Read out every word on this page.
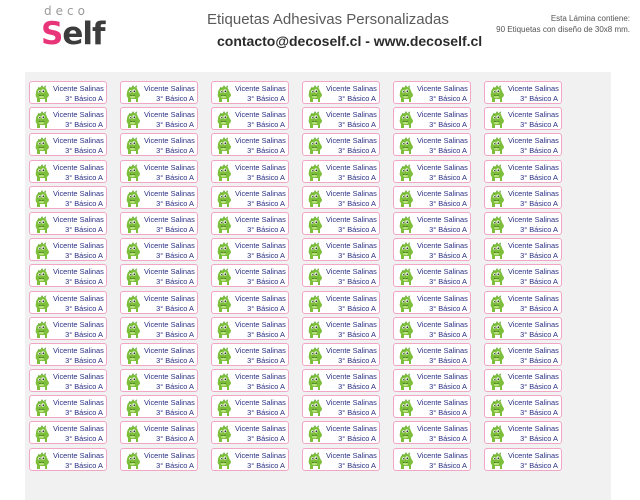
deco
Self	Etiquetas Adhesivas Personalizadas
contacto@decoself.cl - www.decoself.cl
Esta Lámina contiene:
90 Etiquetas con diseño de 30x8 mm.
Vicente Salinas
3° Básico A
Vicente Salinas
3° Básico A
Vicente Salinas
3° Básico A
Vicente Salinas
3° Básico A
Vicente Salinas
3° Básico A
Vicente Salinas
3° Básico A
Vicente Salinas
3° Básico A
Vicente Salinas
3° Básico A
Vicente Salinas
3° Básico A
Vicente Salinas
3° Básico A
Vicente Salinas
3° Básico A
Vicente Salinas
3° Básico A
Vicente Salinas
3° Básico A
Vicente Salinas
3° Básico A
Vicente Salinas
3° Básico A
Vicente Salinas
3° Básico A
Vicente Salinas
3° Básico A
Vicente Salinas
3° Básico A
Vicente Salinas
3° Básico A
Vicente Salinas
3° Básico A
Vicente Salinas
3° Básico A
Vicente Salinas
3° Básico A
Vicente Salinas
3° Básico A
Vicente Salinas
3° Básico A
Vicente Salinas
3° Básico A
Vicente Salinas
3° Básico A
Vicente Salinas
3° Básico A
Vicente Salinas
3° Básico A
Vicente Salinas
3° Básico A
Vicente Salinas
3° Básico A
Vicente Salinas
3° Básico A
Vicente Salinas
3° Básico A
Vicente Salinas
3° Básico A
Vicente Salinas
3° Básico A
Vicente Salinas
3° Básico A
Vicente Salinas
3° Básico A
Vicente Salinas
3° Básico A
Vicente Salinas
3° Básico A
Vicente Salinas
3° Básico A
Vicente Salinas
3° Básico A
Vicente Salinas
3° Básico A
Vicente Salinas
3° Básico A
Vicente Salinas
3° Básico A
Vicente Salinas
3° Básico A
Vicente Salinas
3° Básico A
Vicente Salinas
3° Básico A
Vicente Salinas
3° Básico A
Vicente Salinas
3° Básico A
Vicente Salinas
3° Básico A
Vicente Salinas
3° Básico A
Vicente Salinas
3° Básico A
Vicente Salinas
3° Básico A
Vicente Salinas
3° Básico A
Vicente Salinas
3° Básico A
Vicente Salinas
3° Básico A
Vicente Salinas
3° Básico A
Vicente Salinas
3° Básico A
Vicente Salinas
3° Básico A
Vicente Salinas
3° Básico A
Vicente Salinas
3° Básico A
Vicente Salinas
3° Básico A
Vicente Salinas
3° Básico A
Vicente Salinas
3° Básico A
Vicente Salinas
3° Básico A
Vicente Salinas
3° Básico A
Vicente Salinas
3° Básico A
Vicente Salinas
3° Básico A
Vicente Salinas
3° Básico A
Vicente Salinas
3° Básico A
Vicente Salinas
3° Básico A
Vicente Salinas
3° Básico A
Vicente Salinas
3° Básico A
Vicente Salinas
3° Básico A
Vicente Salinas
3° Básico A
Vicente Salinas
3° Básico A
Vicente Salinas
3° Básico A
Vicente Salinas
3° Básico A
Vicente Salinas
3° Básico A
Vicente Salinas
3° Básico A
Vicente Salinas
3° Básico A
Vicente Salinas
3° Básico A
Vicente Salinas
3° Básico A
Vicente Salinas
3° Básico A
Vicente Salinas
3° Básico A
Vicente Salinas
3° Básico A
Vicente Salinas
3° Básico A
Vicente Salinas
3° Básico A
Vicente Salinas
3° Básico A
Vicente Salinas
3° Básico A
Vicente Salinas
3° Básico A
